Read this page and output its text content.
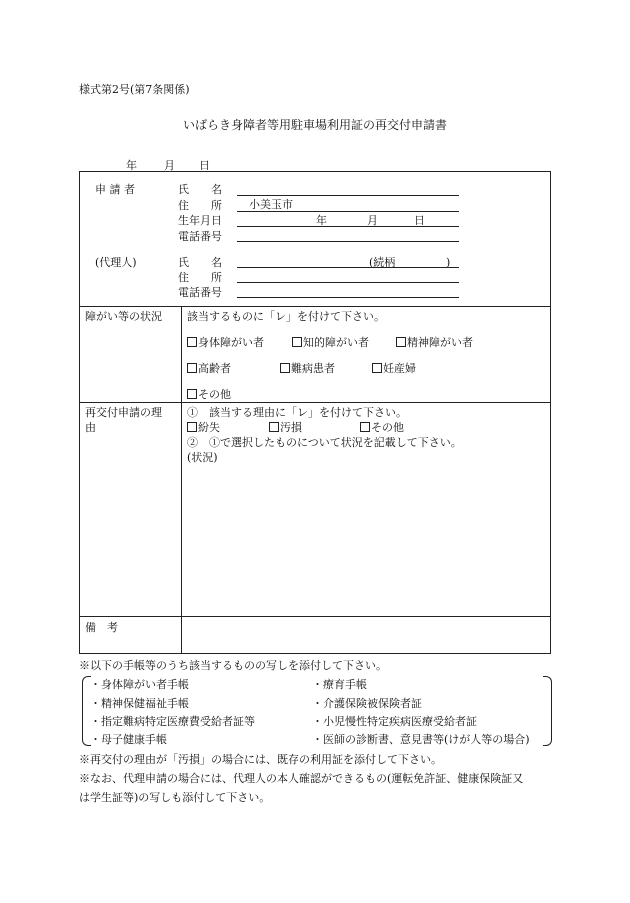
様式第2号(第7条関係)
いばらき身障者等用駐車場利用証の再交付申請書
年 月 日
申 請 者	氏　　名
住　　所 小美玉市
生年月日	年	月	日
電話番号
(代理人)	氏　　名	(続柄	)
住　　所
電話番号
障がい等の状況 該当するものに「レ」を付けて下さい。
身体障がい者	知的障がい者	精神障がい者
高齢者	難病患者	妊産婦
その他
再交付申請の理
由
①　該当する理由に「レ」を付けて下さい。
紛失	汚損	その他
②　①で選択したものについて状況を記載して下さい。
(状況)
備　考
※以下の手帳等のうち該当するものの写しを添付して下さい。
・身体障がい者手帳	・療育手帳
・精神保健福祉手帳	・介護保険被保険者証
・指定難病特定医療費受給者証等	・小児慢性特定疾病医療受給者証
・母子健康手帳	・医師の診断書、意見書等(けが人等の場合)
※再交付の理由が「汚損」の場合には、既存の利用証を添付して下さい。
※なお、代理申請の場合には、代理人の本人確認ができるもの(運転免許証、健康保険証又
は学生証等)の写しも添付して下さい。
